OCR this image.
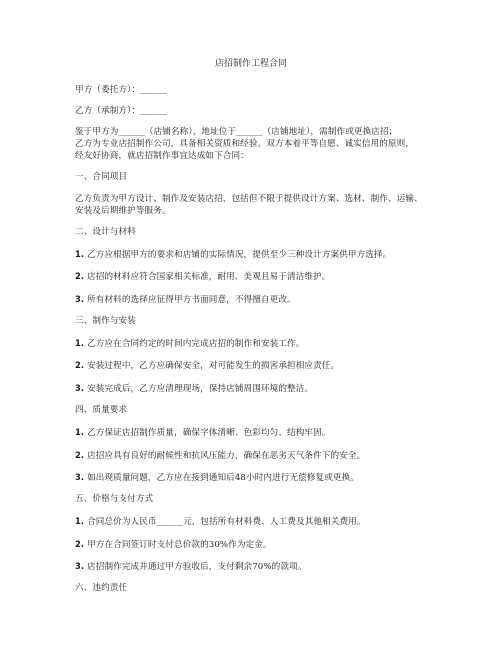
店招制作工程合同
甲方（委托方）：______
乙方（承制方）：______
鉴于甲方为______（店铺名称），地址位于______（店铺地址），需制作或更换店招；
乙方为专业店招制作公司，具备相关资质和经验，双方本着平等自愿、诚实信用的原则，
经友好协商，就店招制作事宜达成如下合同：
一、合同项目
乙方负责为甲方设计、制作及安装店招，包括但不限于提供设计方案、选材、制作、运输、
安装及后期维护等服务。
二、设计与材料
1. 乙方应根据甲方的要求和店铺的实际情况，提供至少三种设计方案供甲方选择。
2. 店招的材料应符合国家相关标准，耐用、美观且易于清洁维护。
3. 所有材料的选择应征得甲方书面同意，不得擅自更改。
三、制作与安装
1. 乙方应在合同约定的时间内完成店招的制作和安装工作。
2. 安装过程中，乙方应确保安全，对可能发生的损害承担相应责任。
3. 安装完成后，乙方应清理现场，保持店铺周围环境的整洁。
四、质量要求
1. 乙方保证店招制作质量，确保字体清晰、色彩均匀、结构牢固。
2. 店招应具有良好的耐候性和抗风压能力，确保在恶劣天气条件下的安全。
3. 如出现质量问题，乙方应在接到通知后48小时内进行无偿修复或更换。
五、价格与支付方式
1. 合同总价为人民币______元，包括所有材料费、人工费及其他相关费用。
2. 甲方在合同签订时支付总价款的30%作为定金。
3. 店招制作完成并通过甲方验收后，支付剩余70%的款项。
六、违约责任
